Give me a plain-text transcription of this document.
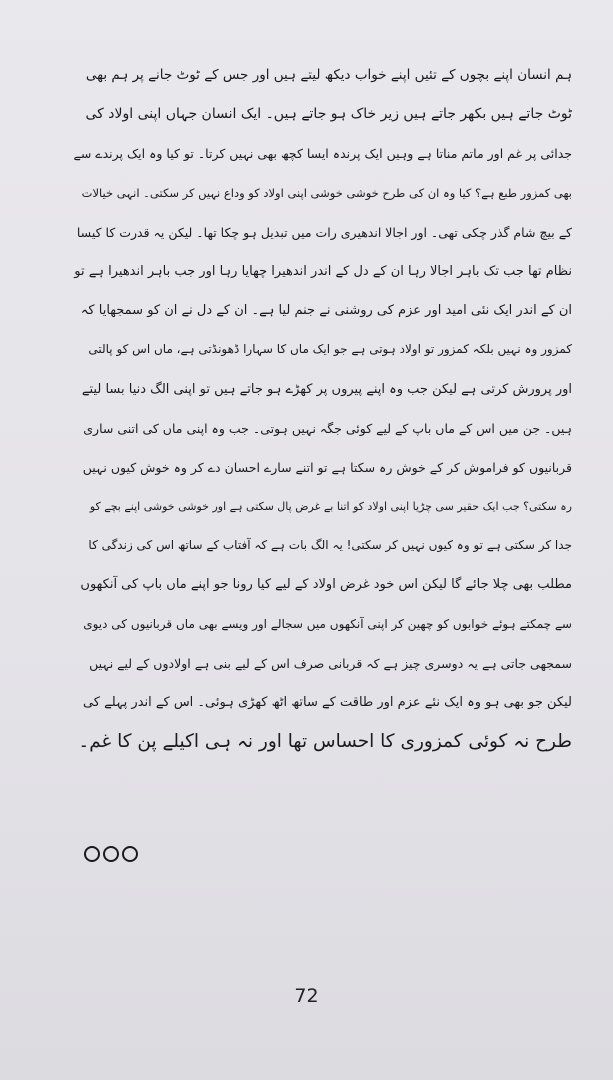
ہم انسان اپنے بچوں کے تئیں اپنے خواب دیکھ لیتے ہیں اور جس کے ٹوٹ جانے پر ہم بھی
ٹوٹ جاتے ہیں بکھر جاتے ہیں زیر خاک ہو جاتے ہیں۔ ایک انسان جہاں اپنی اولاد کی
جدائی پر غم اور ماتم مناتا ہے وہیں ایک پرندہ ایسا کچھ بھی نہیں کرتا۔ تو کیا وہ ایک پرندے سے
بھی کمزور طبع ہے؟ کیا وہ ان کی طرح خوشی خوشی اپنی اولاد کو وداع نہیں کر سکتی۔ انہی خیالات
کے بیچ شام گذر چکی تھی۔ اور اجالا اندھیری رات میں تبدیل ہو چکا تھا۔ لیکن یہ قدرت کا کیسا
نظام تھا جب تک باہر اجالا رہا ان کے دل کے اندر اندھیرا چھایا رہا اور جب باہر اندھیرا ہے تو
ان کے اندر ایک نئی امید اور عزم کی روشنی نے جنم لیا ہے۔ ان کے دل نے ان کو سمجھایا کہ
کمزور وہ نہیں بلکہ کمزور تو اولاد ہوتی ہے جو ایک ماں کا سہارا ڈھونڈتی ہے، ماں اس کو پالتی
اور پرورش کرتی ہے لیکن جب وہ اپنے پیروں پر کھڑے ہو جاتے ہیں تو اپنی الگ دنیا بسا لیتے
ہیں۔ جن میں اس کے ماں باپ کے لیے کوئی جگہ نہیں ہوتی۔ جب وہ اپنی ماں کی اتنی ساری
قربانیوں کو فراموش کر کے خوش رہ سکتا ہے تو اتنے سارے احسان دے کر وہ خوش کیوں نہیں
رہ سکتی؟ جب ایک حقیر سی چڑیا اپنی اولاد کو اتنا بے غرض پال سکتی ہے اور خوشی خوشی اپنے بچے کو
جدا کر سکتی ہے تو وہ کیوں نہیں کر سکتی! یہ الگ بات ہے کہ آفتاب کے ساتھ اس کی زندگی کا
مطلب بھی چلا جائے گا لیکن اس خود غرض اولاد کے لیے کیا رونا جو اپنے ماں باپ کی آنکھوں
سے چمکتے ہوئے خوابوں کو چھین کر اپنی آنکھوں میں سجالے اور ویسے بھی ماں قربانیوں کی دیوی
سمجھی جاتی ہے یہ دوسری چیز ہے کہ قربانی صرف اس کے لیے بنی ہے اولادوں کے لیے نہیں
لیکن جو بھی ہو وہ ایک نئے عزم اور طاقت کے ساتھ اٹھ کھڑی ہوئی۔ اس کے اندر پہلے کی
طرح نہ کوئی کمزوری کا احساس تھا اور نہ ہی اکیلے پن کا غم۔
72
